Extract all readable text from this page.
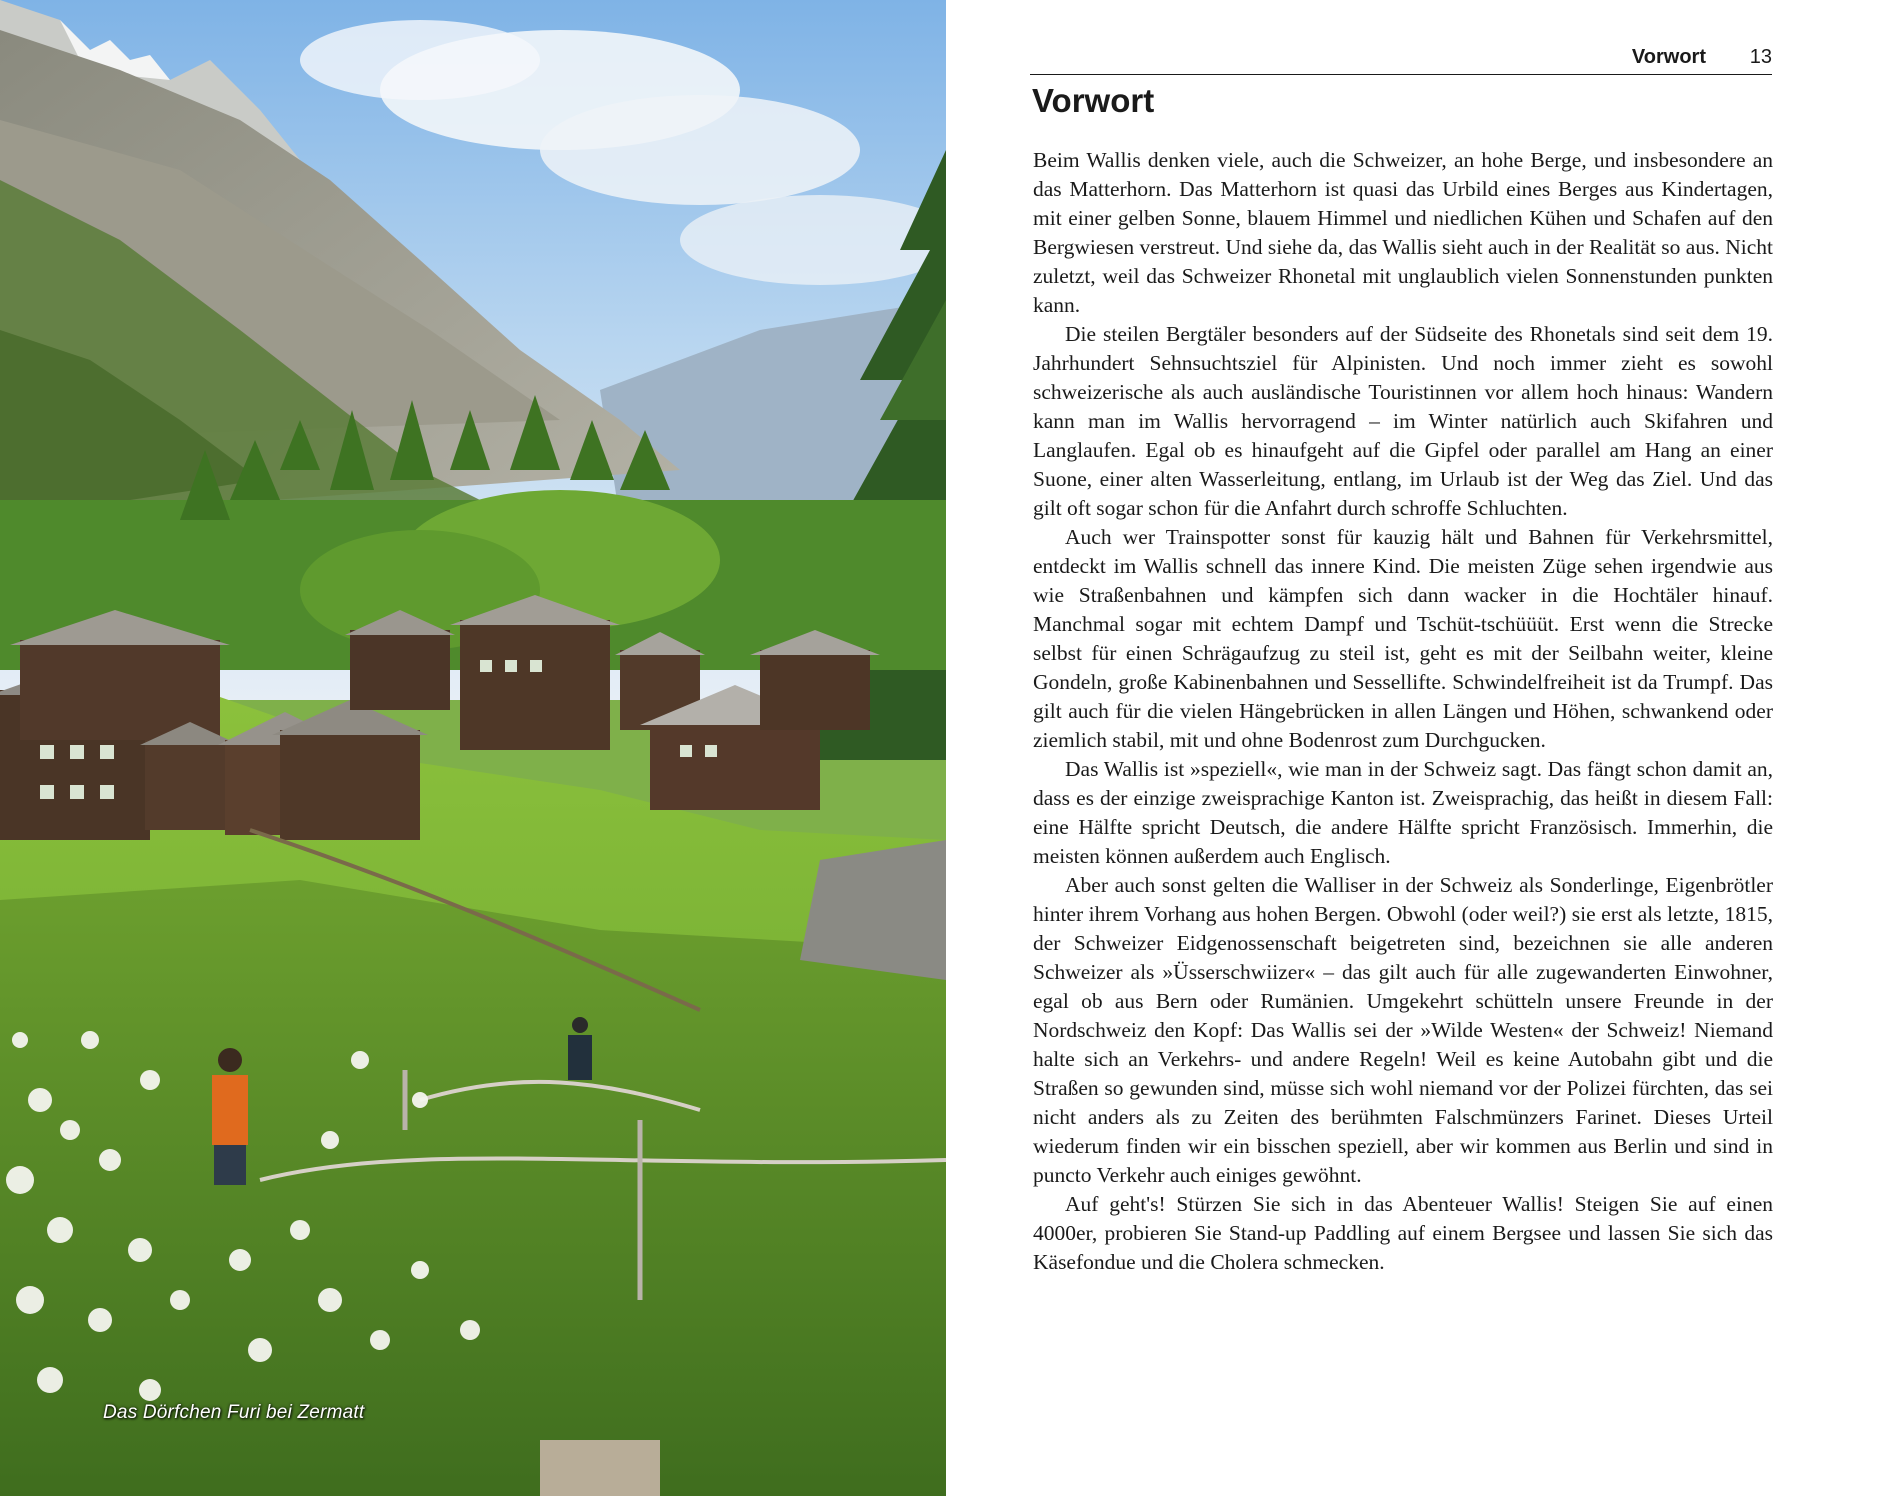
Das Dörfchen Furi bei Zermatt
Vorwort 13
Vorwort

Beim Wallis denken viele, auch die Schweizer, an hohe Berge, und insbesondere an das Matterhorn. Das Matterhorn ist quasi das Urbild eines Berges aus Kindertagen, mit einer gelben Sonne, blauem Himmel und niedlichen Kühen und Schafen auf den Bergwiesen verstreut. Und siehe da, das Wallis sieht auch in der Realität so aus. Nicht zuletzt, weil das Schweizer Rhonetal mit unglaublich vielen Sonnenstunden punkten kann.

Die steilen Bergtäler besonders auf der Südseite des Rhonetals sind seit dem 19. Jahrhundert Sehnsuchtsziel für Alpinisten. Und noch immer zieht es sowohl schweizerische als auch ausländische Touristinnen vor allem hoch hinaus: Wandern kann man im Wallis hervorragend – im Winter natürlich auch Skifahren und Langlaufen. Egal ob es hinaufgeht auf die Gipfel oder parallel am Hang an einer Suone, einer alten Wasserleitung, entlang, im Urlaub ist der Weg das Ziel. Und das gilt oft sogar schon für die Anfahrt durch schroffe Schluchten.

Auch wer Trainspotter sonst für kauzig hält und Bahnen für Verkehrsmittel, entdeckt im Wallis schnell das innere Kind. Die meisten Züge sehen irgendwie aus wie Straßenbahnen und kämpfen sich dann wacker in die Hochtäler hinauf. Manchmal sogar mit echtem Dampf und Tschüt-tschüüüt. Erst wenn die Strecke selbst für einen Schrägaufzug zu steil ist, geht es mit der Seilbahn weiter, kleine Gondeln, große Kabinenbahnen und Sessellifte. Schwindelfreiheit ist da Trumpf. Das gilt auch für die vielen Hängebrücken in allen Längen und Höhen, schwankend oder ziemlich stabil, mit und ohne Bodenrost zum Durchgucken.

Das Wallis ist »speziell«, wie man in der Schweiz sagt. Das fängt schon damit an, dass es der einzige zweisprachige Kanton ist. Zweisprachig, das heißt in diesem Fall: eine Hälfte spricht Deutsch, die andere Hälfte spricht Französisch. Immerhin, die meisten können außerdem auch Englisch.

Aber auch sonst gelten die Walliser in der Schweiz als Sonderlinge, Eigenbrötler hinter ihrem Vorhang aus hohen Bergen. Obwohl (oder weil?) sie erst als letzte, 1815, der Schweizer Eidgenossenschaft beigetreten sind, bezeichnen sie alle anderen Schweizer als »Üsserschwiizer« – das gilt auch für alle zugewanderten Einwohner, egal ob aus Bern oder Rumänien. Umgekehrt schütteln unsere Freunde in der Nordschweiz den Kopf: Das Wallis sei der »Wilde Westen« der Schweiz! Niemand halte sich an Verkehrs- und andere Regeln! Weil es keine Autobahn gibt und die Straßen so gewunden sind, müsse sich wohl niemand vor der Polizei fürchten, das sei nicht anders als zu Zeiten des berühmten Falschmünzers Farinet. Dieses Urteil wiederum finden wir ein bisschen speziell, aber wir kommen aus Berlin und sind in puncto Verkehr auch einiges gewöhnt.

Auf geht's! Stürzen Sie sich in das Abenteuer Wallis! Steigen Sie auf einen 4000er, probieren Sie Stand-up Paddling auf einem Bergsee und lassen Sie sich das Käsefondue und die Cholera schmecken.
